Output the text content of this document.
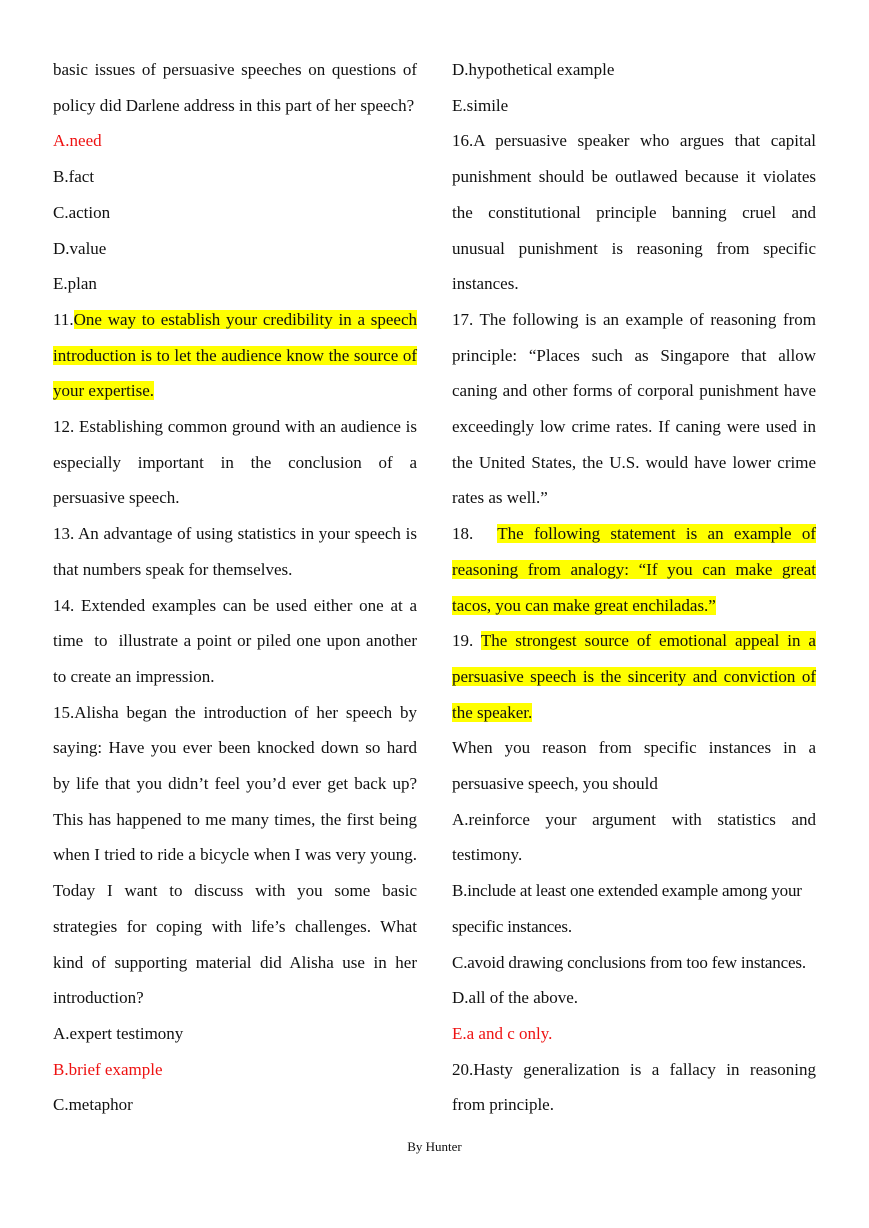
basic issues of persuasive speeches on questions of policy did Darlene address in this part of her speech?

A.need

B.fact

C.action

D.value

E.plan

11.One way to establish your credibility in a speech introduction is to let the audience know the source of your expertise.

12. Establishing common ground with an audience is especially important in the conclusion of a persuasive speech.

13. An advantage of using statistics in your speech is that numbers speak for themselves.

14. Extended examples can be used either one at a time  to  illustrate a point or piled one upon another to create an impression.

15.Alisha began the introduction of her speech by saying: Have you ever been knocked down so hard by life that you didn’t feel you’d ever get back up? This has happened to me many times, the first being when I tried to ride a bicycle when I was very young. Today I want to discuss with you some basic strategies for coping with life’s challenges. What kind of supporting material did Alisha use in her introduction?

A.expert testimony

B.brief example

C.metaphor

D.hypothetical example

E.simile

16.A persuasive speaker who argues that capital punishment should be outlawed because it violates the constitutional principle banning cruel and unusual punishment is reasoning from specific instances.

17. The following is an example of reasoning from principle: “Places such as Singapore that allow caning and other forms of corporal punishment have exceedingly low crime rates. If caning were used in the United States, the U.S. would have lower crime rates as well.”

18. The following statement is an example of reasoning from analogy: “If you can make great tacos, you can make great enchiladas.”

19. The strongest source of emotional appeal in a persuasive speech is the sincerity and conviction of the speaker.

When you reason from specific instances in a persuasive speech, you should

A.reinforce your argument with statistics and testimony.

B.include at least one extended example among your specific instances.

C.avoid drawing conclusions from too few instances.

D.all of the above.

E.a and c only.

20.Hasty generalization is a fallacy in reasoning from principle.

By Hunter
